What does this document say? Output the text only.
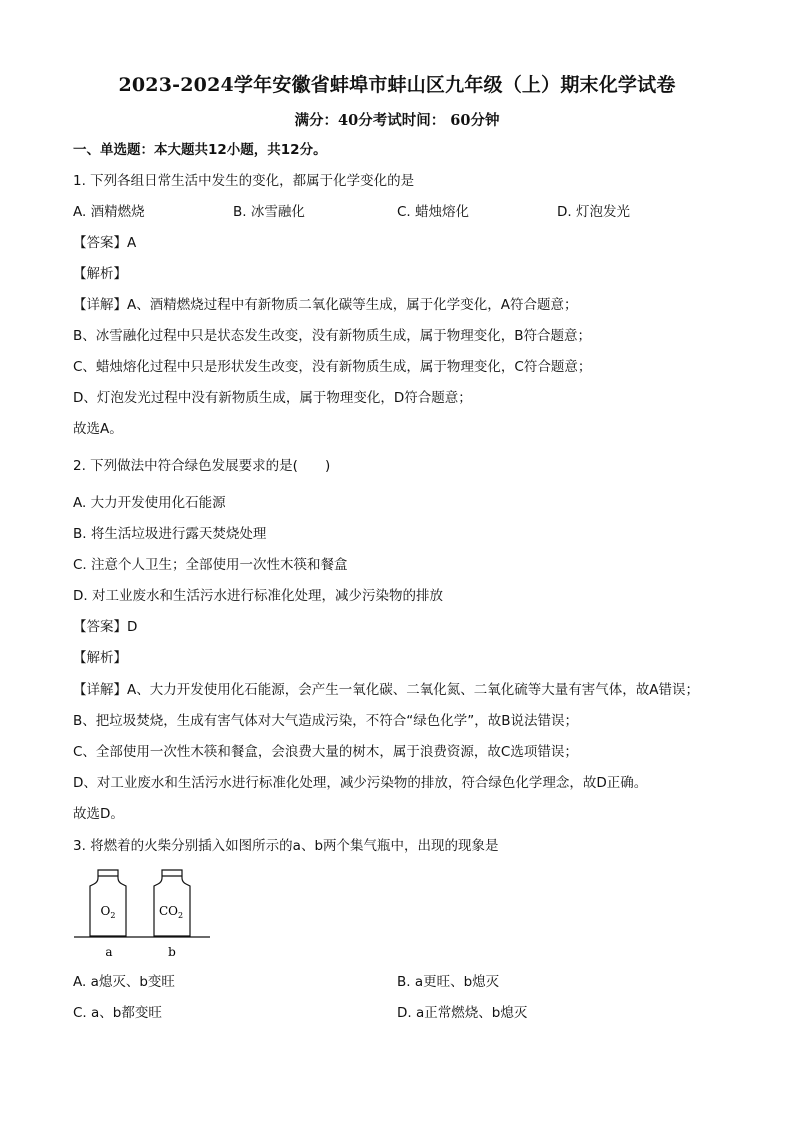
2023-2024学年安徽省蚌埠市蚌山区九年级（上）期末化学试卷
满分：40分考试时间： 60分钟
一、单选题：本大题共12小题，共12分。
1. 下列各组日常生活中发生的变化，都属于化学变化的是
A. 酒精燃烧	B. 冰雪融化	C. 蜡烛熔化	D. 灯泡发光
【答案】A
【解析】
【详解】A、酒精燃烧过程中有新物质二氧化碳等生成，属于化学变化，A符合题意；
B、冰雪融化过程中只是状态发生改变，没有新物质生成，属于物理变化，B符合题意；
C、蜡烛熔化过程中只是形状发生改变，没有新物质生成，属于物理变化，C符合题意；
D、灯泡发光过程中没有新物质生成，属于物理变化，D符合题意；
故选A。
2. 下列做法中符合绿色发展要求的是(　　)
A. 大力开发使用化石能源
B. 将生活垃圾进行露天焚烧处理
C. 注意个人卫生；全部使用一次性木筷和餐盒
D. 对工业废水和生活污水进行标准化处理，减少污染物的排放
【答案】D
【解析】
【详解】A、大力开发使用化石能源，会产生一氧化碳、二氧化氮、二氧化硫等大量有害气体，故A错误；
B、把垃圾焚烧，生成有害气体对大气造成污染，不符合“绿色化学”，故B说法错误；
C、全部使用一次性木筷和餐盒，会浪费大量的树木，属于浪费资源，故C选项错误；
D、对工业废水和生活污水进行标准化处理，减少污染物的排放，符合绿色化学理念，故D正确。
故选D。
3. 将燃着的火柴分别插入如图所示的a、b两个集气瓶中，出现的现象是
$O_2$	$CO_2$
a	b
A. a熄灭、b变旺	B. a更旺、b熄灭
C. a、b都变旺	D. a正常燃烧、b熄灭
